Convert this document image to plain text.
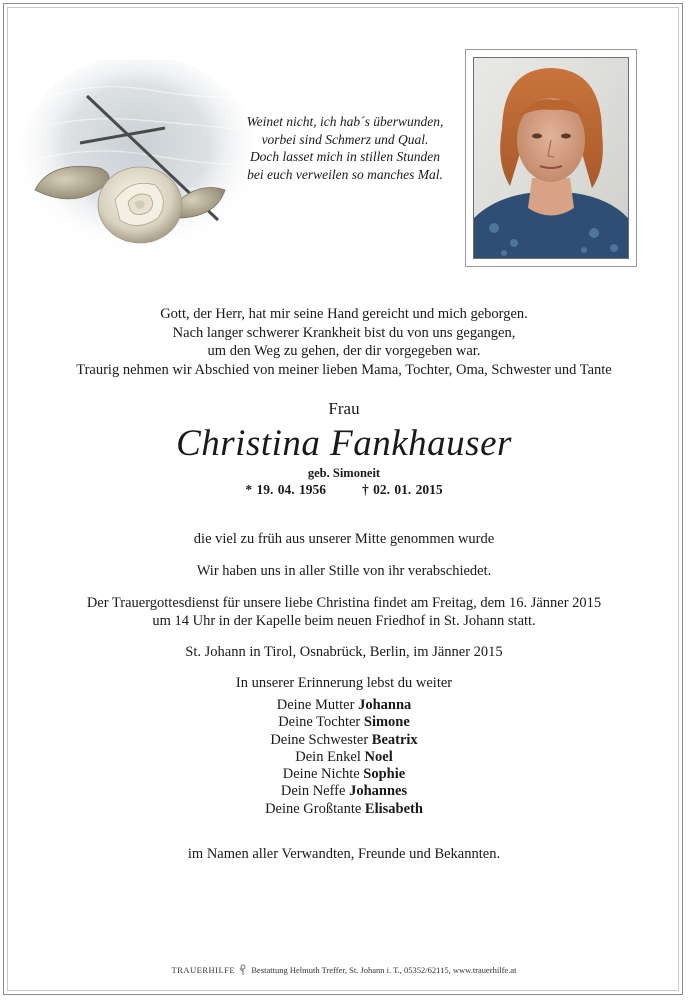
Weinet nicht, ich hab´s überwunden,
vorbei sind Schmerz und Qual.
Doch lasset mich in stillen Stunden
bei euch verweilen so manches Mal.
Gott, der Herr, hat mir seine Hand gereicht und mich geborgen.
Nach langer schwerer Krankheit bist du von uns gegangen,
um den Weg zu gehen, der dir vorgegeben war.
Traurig nehmen wir Abschied von meiner lieben Mama, Tochter, Oma, Schwester und Tante
Frau
Christina Fankhauser
geb. Simoneit
* 19. 04. 1956	† 02. 01. 2015
die viel zu früh aus unserer Mitte genommen wurde
Wir haben uns in aller Stille von ihr verabschiedet.
Der Trauergottesdienst für unsere liebe Christina findet am Freitag, dem 16. Jänner 2015
um 14 Uhr in der Kapelle beim neuen Friedhof in St. Johann statt.
St. Johann in Tirol, Osnabrück, Berlin, im Jänner 2015
In unserer Erinnerung lebst du weiter
Deine Mutter Johanna
Deine Tochter Simone
Deine Schwester Beatrix
Dein Enkel Noel
Deine Nichte Sophie
Dein Neffe Johannes
Deine Großtante Elisabeth
im Namen aller Verwandten, Freunde und Bekannten.
TRAUERHILFE Bestattung Helmuth Treffer, St. Johann i. T., 05352/62115, www.trauerhilfe.at
